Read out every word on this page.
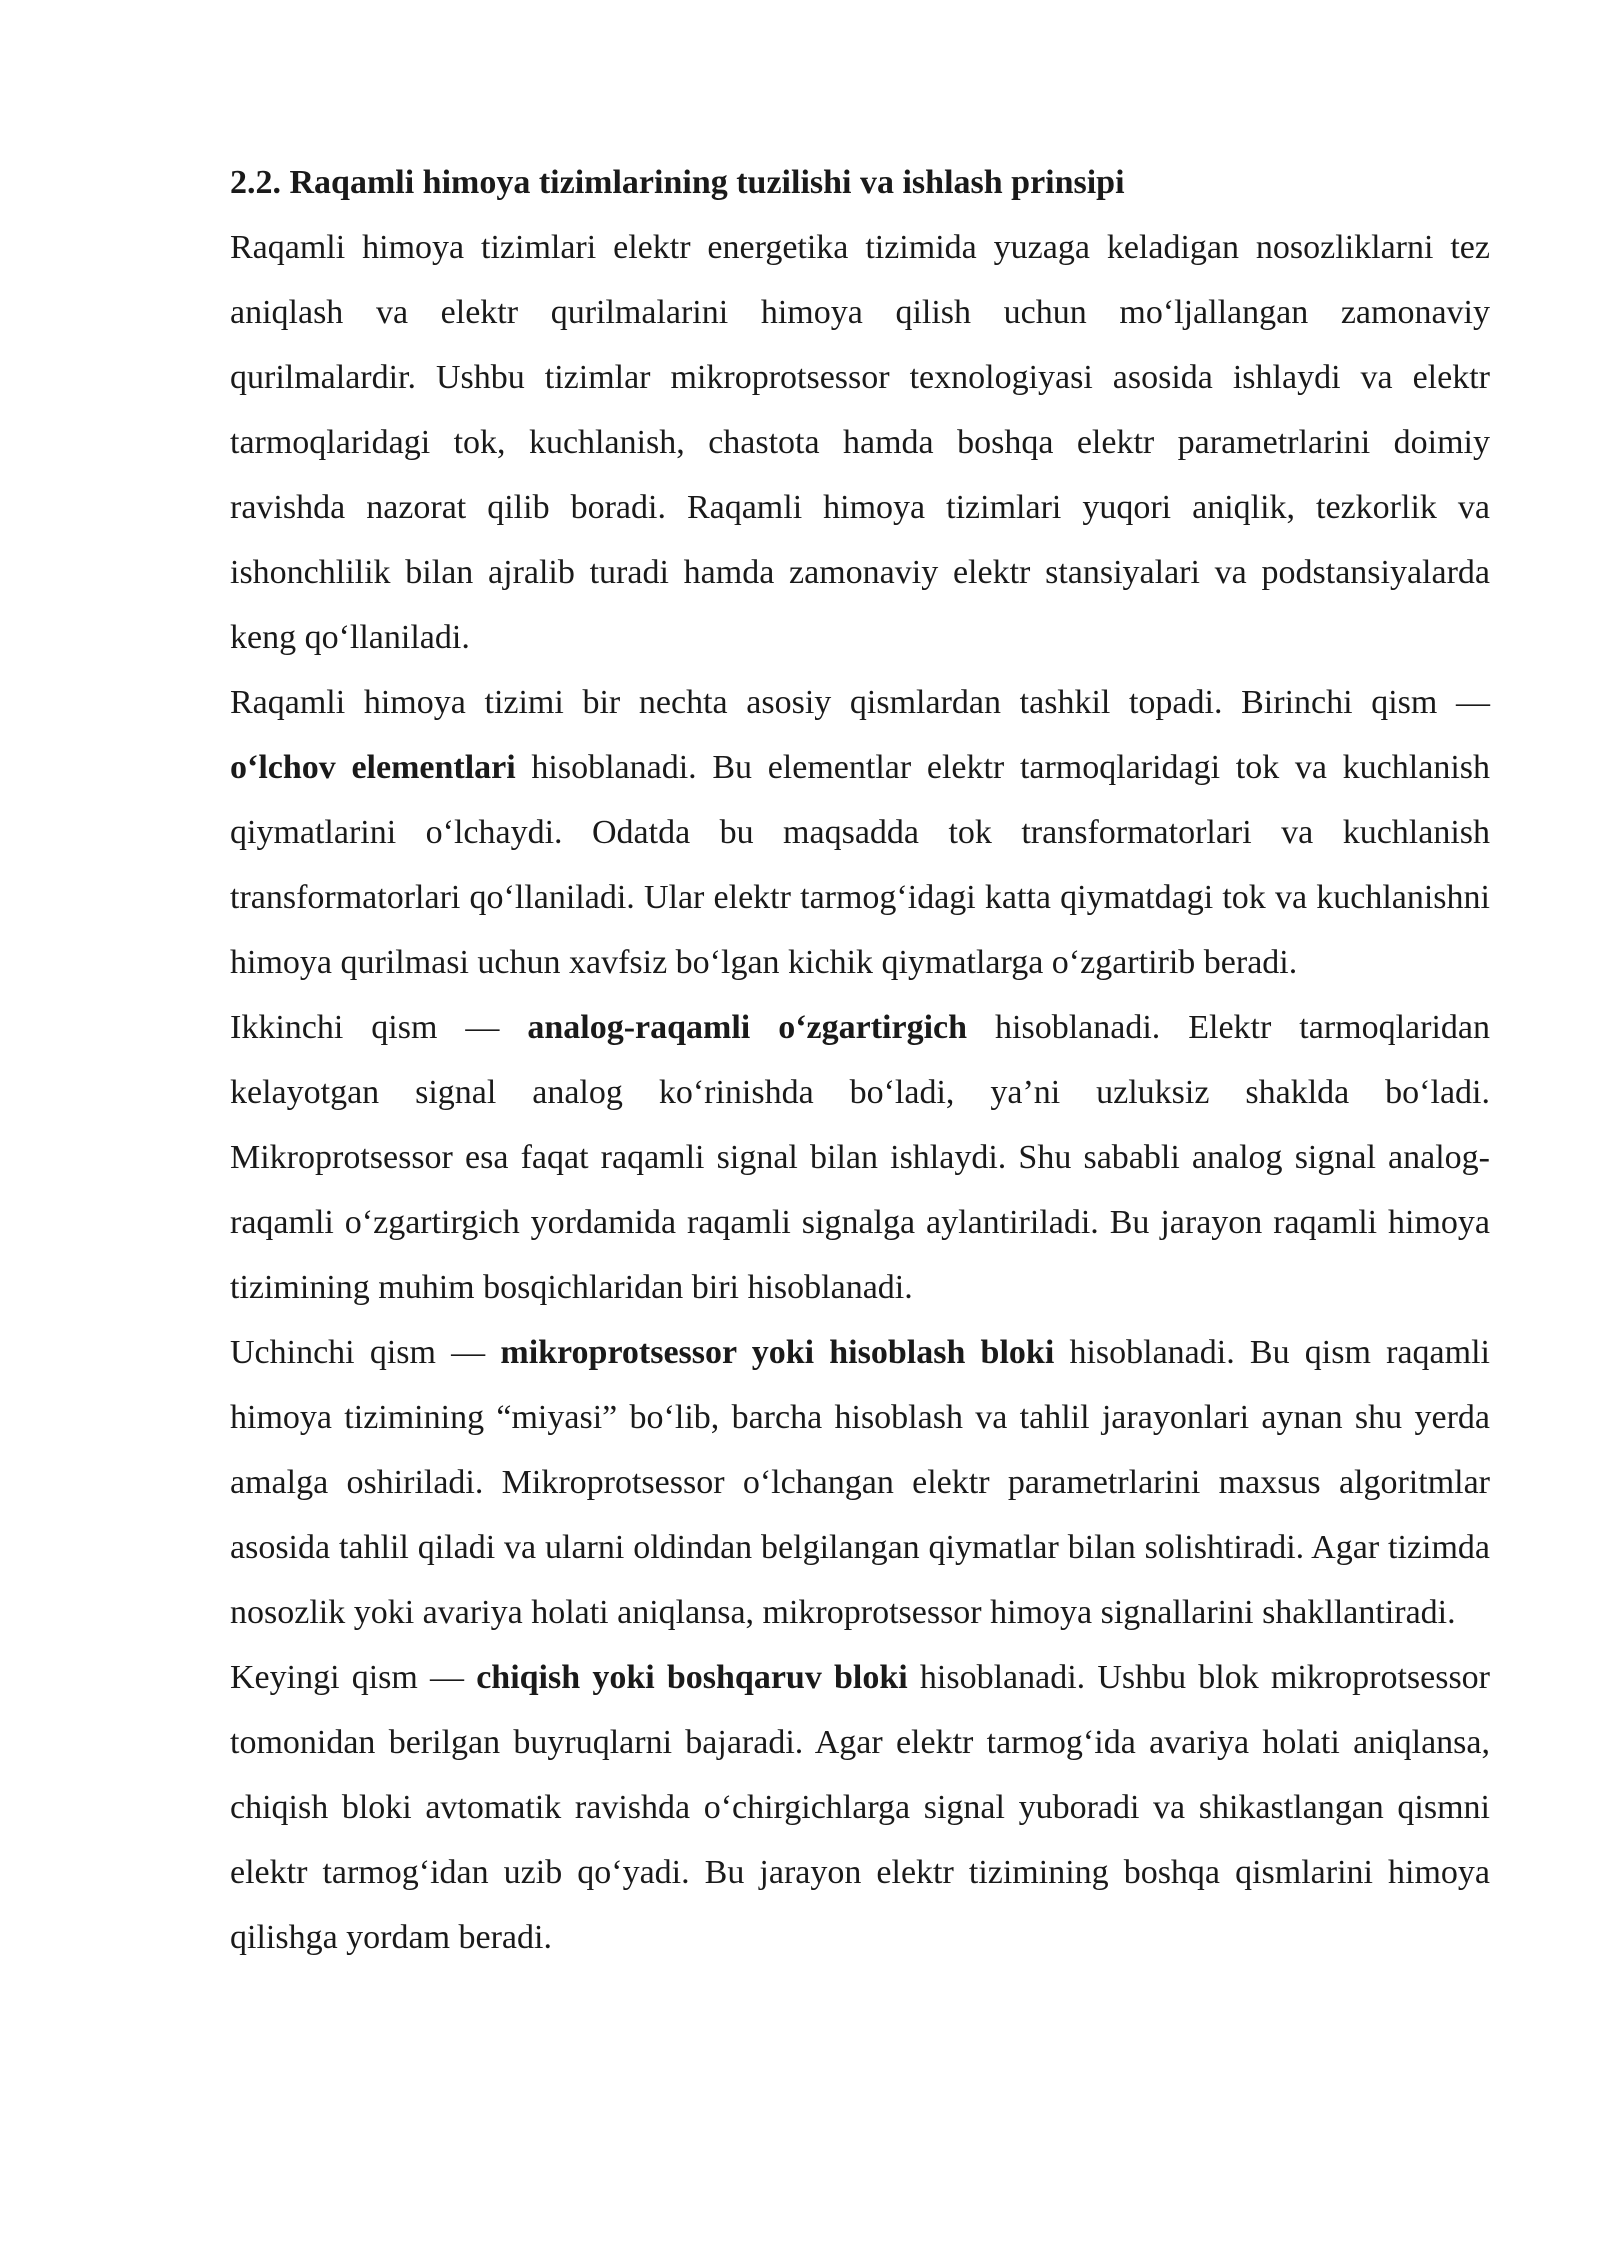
2.2. Raqamli himoya tizimlarining tuzilishi va ishlash prinsipi

Raqamli himoya tizimlari elektr energetika tizimida yuzaga keladigan nosozliklarni tez aniqlash va elektr qurilmalarini himoya qilish uchun mo‘ljallangan zamonaviy qurilmalardir. Ushbu tizimlar mikroprotsessor texnologiyasi asosida ishlaydi va elektr tarmoqlaridagi tok, kuchlanish, chastota hamda boshqa elektr parametrlarini doimiy ravishda nazorat qilib boradi. Raqamli himoya tizimlari yuqori aniqlik, tezkorlik va ishonchlilik bilan ajralib turadi hamda zamonaviy elektr stansiyalari va podstansiyalarda keng qo‘llaniladi.

Raqamli himoya tizimi bir nechta asosiy qismlardan tashkil topadi. Birinchi qism — o‘lchov elementlari hisoblanadi. Bu elementlar elektr tarmoqlaridagi tok va kuchlanish qiymatlarini o‘lchaydi. Odatda bu maqsadda tok transformatorlari va kuchlanish transformatorlari qo‘llaniladi. Ular elektr tarmog‘idagi katta qiymatdagi tok va kuchlanishni himoya qurilmasi uchun xavfsiz bo‘lgan kichik qiymatlarga o‘zgartirib beradi.

Ikkinchi qism — analog-raqamli o‘zgartirgich hisoblanadi. Elektr tarmoqlaridan kelayotgan signal analog ko‘rinishda bo‘ladi, ya’ni uzluksiz shaklda bo‘ladi. Mikroprotsessor esa faqat raqamli signal bilan ishlaydi. Shu sababli analog signal analog-raqamli o‘zgartirgich yordamida raqamli signalga aylantiriladi. Bu jarayon raqamli himoya tizimining muhim bosqichlaridan biri hisoblanadi.

Uchinchi qism — mikroprotsessor yoki hisoblash bloki hisoblanadi. Bu qism raqamli himoya tizimining “miyasi” bo‘lib, barcha hisoblash va tahlil jarayonlari aynan shu yerda amalga oshiriladi. Mikroprotsessor o‘lchangan elektr parametrlarini maxsus algoritmlar asosida tahlil qiladi va ularni oldindan belgilangan qiymatlar bilan solishtiradi. Agar tizimda nosozlik yoki avariya holati aniqlansa, mikroprotsessor himoya signallarini shakllantiradi.

Keyingi qism — chiqish yoki boshqaruv bloki hisoblanadi. Ushbu blok mikroprotsessor tomonidan berilgan buyruqlarni bajaradi. Agar elektr tarmog‘ida avariya holati aniqlansa, chiqish bloki avtomatik ravishda o‘chirgichlarga signal yuboradi va shikastlangan qismni elektr tarmog‘idan uzib qo‘yadi. Bu jarayon elektr tizimining boshqa qismlarini himoya qilishga yordam beradi.
